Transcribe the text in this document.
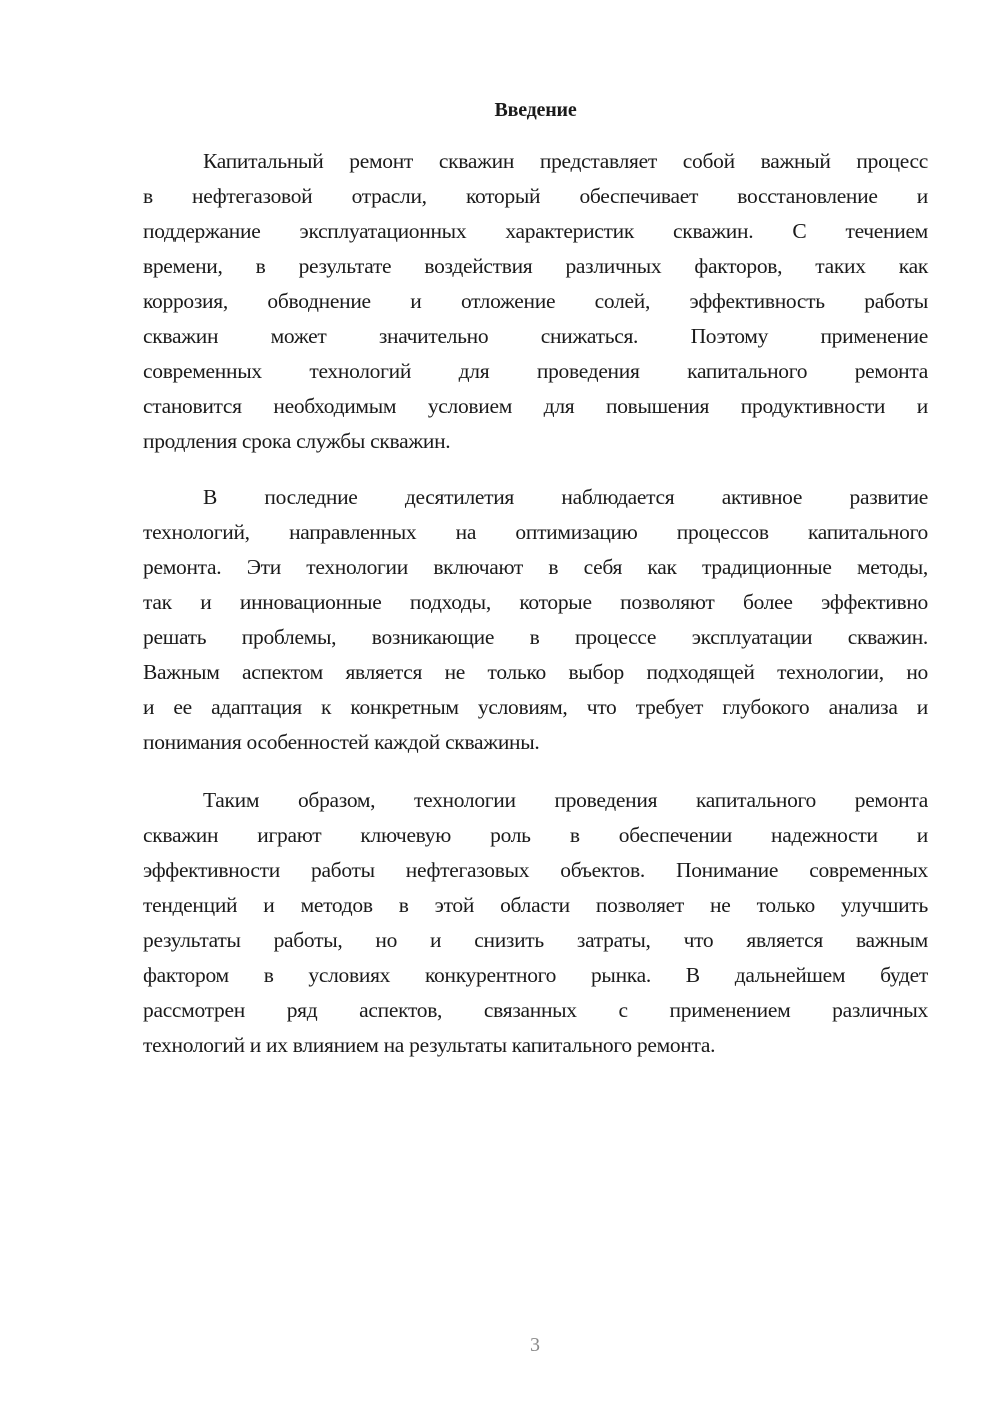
Введение
Капитальный ремонт скважин представляет собой важный процесс
в нефтегазовой отрасли, который обеспечивает восстановление и
поддержание эксплуатационных характеристик скважин. С течением
времени, в результате воздействия различных факторов, таких как
коррозия, обводнение и отложение солей, эффективность работы
скважин может значительно снижаться. Поэтому применение
современных технологий для проведения капитального ремонта
становится необходимым условием для повышения продуктивности и
продления срока службы скважин.
В последние десятилетия наблюдается активное развитие
технологий, направленных на оптимизацию процессов капитального
ремонта. Эти технологии включают в себя как традиционные методы,
так и инновационные подходы, которые позволяют более эффективно
решать проблемы, возникающие в процессе эксплуатации скважин.
Важным аспектом является не только выбор подходящей технологии, но
и ее адаптация к конкретным условиям, что требует глубокого анализа и
понимания особенностей каждой скважины.
Таким образом, технологии проведения капитального ремонта
скважин играют ключевую роль в обеспечении надежности и
эффективности работы нефтегазовых объектов. Понимание современных
тенденций и методов в этой области позволяет не только улучшить
результаты работы, но и снизить затраты, что является важным
фактором в условиях конкурентного рынка. В дальнейшем будет
рассмотрен ряд аспектов, связанных с применением различных
технологий и их влиянием на результаты капитального ремонта.
3
